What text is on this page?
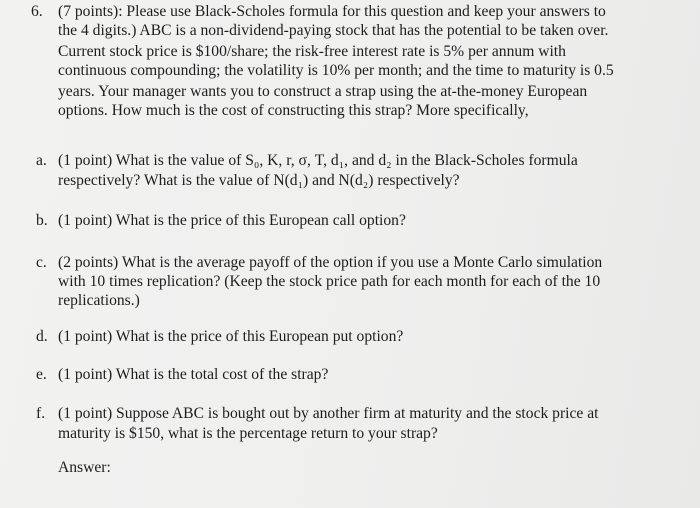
6. (7 points): Please use Black-Scholes formula for this question and keep your answers to
the 4 digits.) ABC is a non-dividend-paying stock that has the potential to be taken over.
Current stock price is $100/share; the risk-free interest rate is 5% per annum with
continuous compounding; the volatility is 10% per month; and the time to maturity is 0.5
years. Your manager wants you to construct a strap using the at-the-money European
options. How much is the cost of constructing this strap? More specifically,
a. (1 point) What is the value of S₀, K, r, σ, T, d₁, and d₂ in the Black-Scholes formula
respectively? What is the value of N(d₁) and N(d₂) respectively?
b. (1 point) What is the price of this European call option?
c. (2 points) What is the average payoff of the option if you use a Monte Carlo simulation
with 10 times replication? (Keep the stock price path for each month for each of the 10
replications.)
d. (1 point) What is the price of this European put option?
e. (1 point) What is the total cost of the strap?
f. (1 point) Suppose ABC is bought out by another firm at maturity and the stock price at
maturity is $150, what is the percentage return to your strap?
Answer:
